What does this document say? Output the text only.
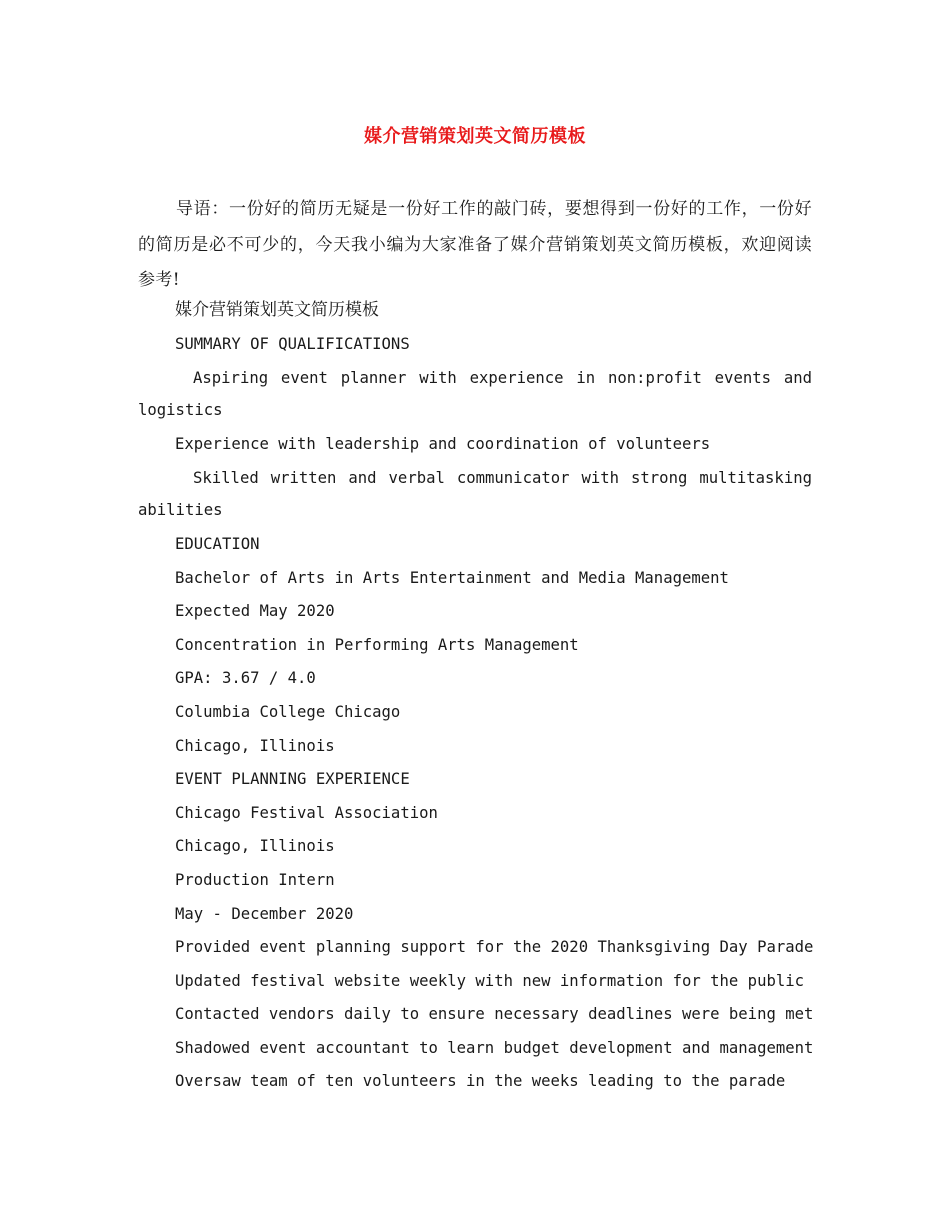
媒介营销策划英文简历模板
导语：一份好的简历无疑是一份好工作的敲门砖，要想得到一份好的工作，一份好的简历是必不可少的，今天我小编为大家准备了媒介营销策划英文简历模板，欢迎阅读参考!
媒介营销策划英文简历模板
SUMMARY OF QUALIFICATIONS
Aspiring event planner with experience in non:profit events and
logistics
Experience with leadership and coordination of volunteers
Skilled written and verbal communicator with strong multitasking
abilities
EDUCATION
Bachelor of Arts in Arts Entertainment and Media Management
Expected May 2020
Concentration in Performing Arts Management
GPA: 3.67 / 4.0
Columbia College Chicago
Chicago, Illinois
EVENT PLANNING EXPERIENCE
Chicago Festival Association
Chicago, Illinois
Production Intern
May - December 2020
Provided event planning support for the 2020 Thanksgiving Day Parade
Updated festival website weekly with new information for the public
Contacted vendors daily to ensure necessary deadlines were being met
Shadowed event accountant to learn budget development and management
Oversaw team of ten volunteers in the weeks leading to the parade
